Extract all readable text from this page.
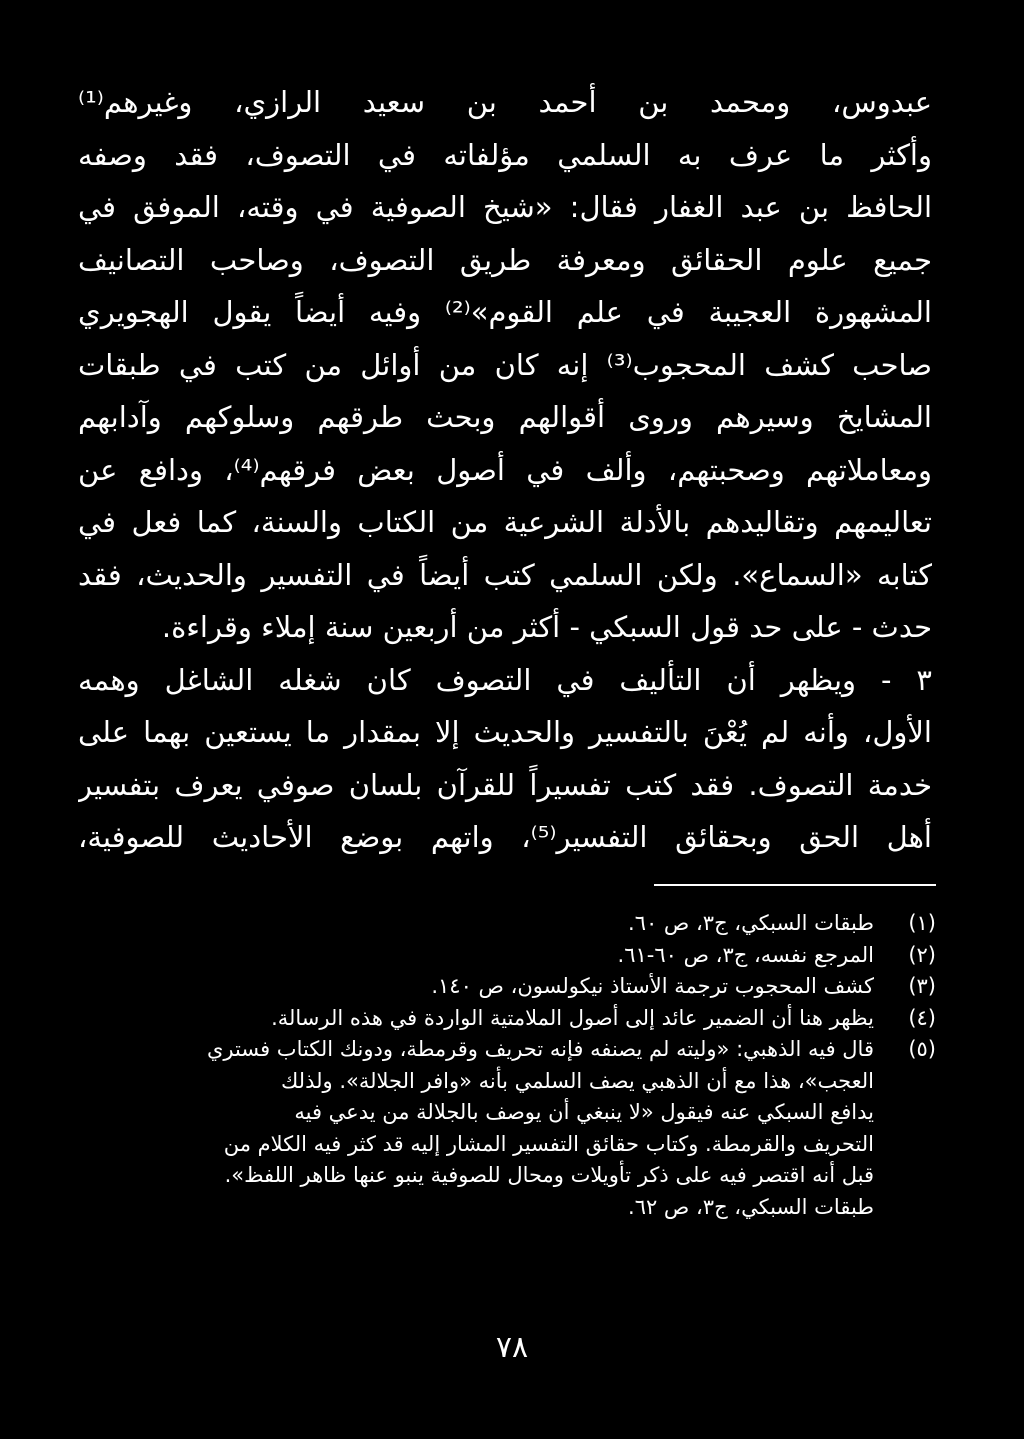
عبدوس، ومحمد بن أحمد بن سعيد الرازي، وغيرهم⁽¹⁾
وأكثر ما عرف به السلمي مؤلفاته في التصوف، فقد وصفه
الحافظ بن عبد الغفار فقال: «شيخ الصوفية في وقته، الموفق في
جميع علوم الحقائق ومعرفة طريق التصوف، وصاحب التصانيف
المشهورة العجيبة في علم القوم»⁽²⁾ وفيه أيضاً يقول الهجويري
صاحب كشف المحجوب⁽³⁾ إنه كان من أوائل من كتب في طبقات
المشايخ وسيرهم وروى أقوالهم وبحث طرقهم وسلوكهم وآدابهم
ومعاملاتهم وصحبتهم، وألف في أصول بعض فرقهم⁽⁴⁾، ودافع عن
تعاليمهم وتقاليدهم بالأدلة الشرعية من الكتاب والسنة، كما فعل في
كتابه «السماع». ولكن السلمي كتب أيضاً في التفسير والحديث، فقد
حدث - على حد قول السبكي - أكثر من أربعين سنة إملاء وقراءة.
٣ - ويظهر أن التأليف في التصوف كان شغله الشاغل وهمه
الأول، وأنه لم يُعْنَ بالتفسير والحديث إلا بمقدار ما يستعين بهما على
خدمة التصوف. فقد كتب تفسيراً للقرآن بلسان صوفي يعرف بتفسير
أهل الحق وبحقائق التفسير⁽⁵⁾، واتهم بوضع الأحاديث للصوفية،
(١)
طبقات السبكي، ج٣، ص ٦٠.
(٢)
المرجع نفسه، ج٣، ص ٦٠-٦١.
(٣)
كشف المحجوب ترجمة الأستاذ نيكولسون، ص ١٤٠.
(٤)
يظهر هنا أن الضمير عائد إلى أصول الملامتية الواردة في هذه الرسالة.
(٥)
قال فيه الذهبي: «وليته لم يصنفه فإنه تحريف وقرمطة، ودونك الكتاب فستري
العجب»، هذا مع أن الذهبي يصف السلمي بأنه «وافر الجلالة». ولذلك
يدافع السبكي عنه فيقول «لا ينبغي أن يوصف بالجلالة من يدعي فيه
التحريف والقرمطة. وكتاب حقائق التفسير المشار إليه قد كثر فيه الكلام من
قبل أنه اقتصر فيه على ذكر تأويلات ومحال للصوفية ينبو عنها ظاهر اللفظ».
طبقات السبكي، ج٣، ص ٦٢.
٧٨
